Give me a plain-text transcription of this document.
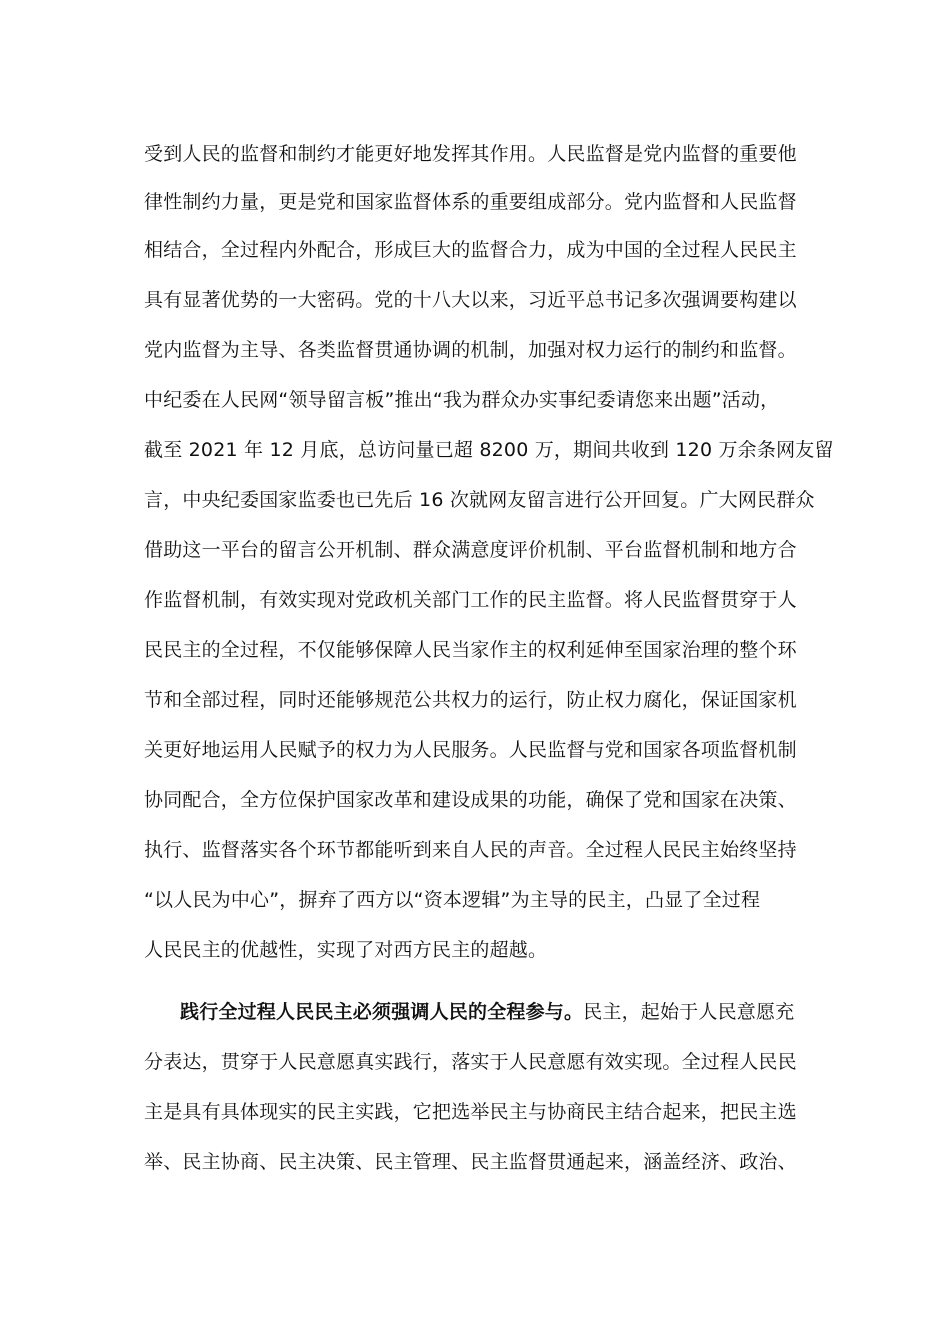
受到人民的监督和制约才能更好地发挥其作用。人民监督是党内监督的重要他
律性制约力量，更是党和国家监督体系的重要组成部分。党内监督和人民监督
相结合，全过程内外配合，形成巨大的监督合力，成为中国的全过程人民民主
具有显著优势的一大密码。党的十八大以来，习近平总书记多次强调要构建以
党内监督为主导、各类监督贯通协调的机制，加强对权力运行的制约和监督。
中纪委在人民网“领导留言板”推出“我为群众办实事纪委请您来出题”活动，
截至 2021 年 12 月底，总访问量已超 8200 万，期间共收到 120 万余条网友留
言，中央纪委国家监委也已先后 16 次就网友留言进行公开回复。广大网民群众
借助这一平台的留言公开机制、群众满意度评价机制、平台监督机制和地方合
作监督机制，有效实现对党政机关部门工作的民主监督。将人民监督贯穿于人
民民主的全过程，不仅能够保障人民当家作主的权利延伸至国家治理的整个环
节和全部过程，同时还能够规范公共权力的运行，防止权力腐化，保证国家机
关更好地运用人民赋予的权力为人民服务。人民监督与党和国家各项监督机制
协同配合，全方位保护国家改革和建设成果的功能，确保了党和国家在决策、
执行、监督落实各个环节都能听到来自人民的声音。全过程人民民主始终坚持
“以人民为中心”，摒弃了西方以“资本逻辑”为主导的民主，凸显了全过程
人民民主的优越性，实现了对西方民主的超越。
践行全过程人民民主必须强调人民的全程参与。民主，起始于人民意愿充
分表达，贯穿于人民意愿真实践行，落实于人民意愿有效实现。全过程人民民
主是具有具体现实的民主实践，它把选举民主与协商民主结合起来，把民主选
举、民主协商、民主决策、民主管理、民主监督贯通起来，涵盖经济、政治、
